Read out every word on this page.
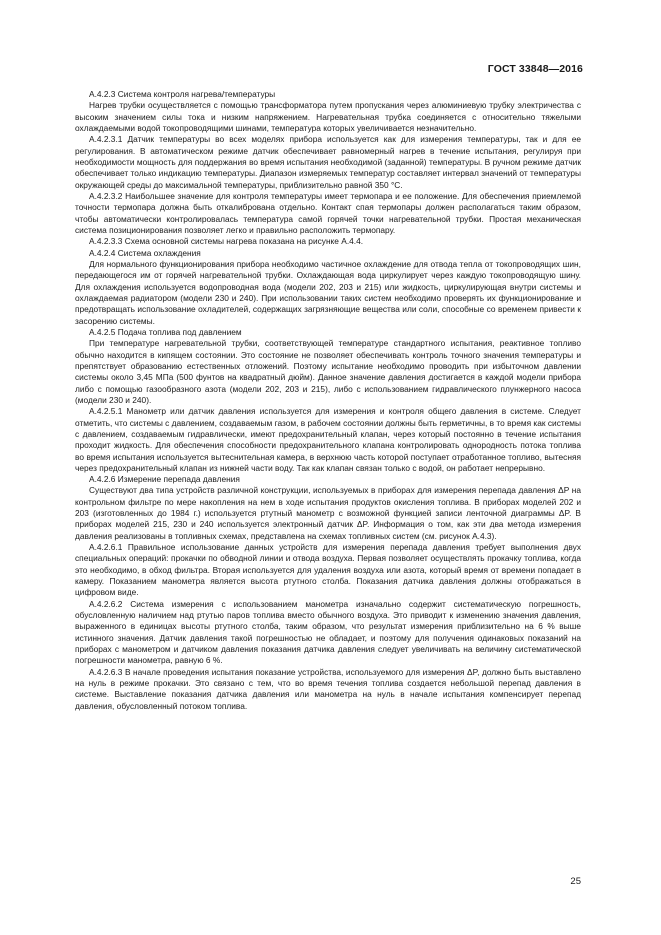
ГОСТ 33848—2016

А.4.2.3 Система контроля нагрева/температуры

Нагрев трубки осуществляется с помощью трансформатора путем пропускания через алюминиевую трубку электричества с высоким значением силы тока и низким напряжением. Нагревательная трубка соединяется с относительно тяжелыми охлаждаемыми водой токопроводящими шинами, температура которых увеличивается незначительно.

А.4.2.3.1 Датчик температуры во всех моделях прибора используется как для измерения температуры, так и для ее регулирования. В автоматическом режиме датчик обеспечивает равномерный нагрев в течение испытания, регулируя при необходимости мощность для поддержания во время испытания необходимой (заданной) температуры. В ручном режиме датчик обеспечивает только индикацию температуры. Диапазон измеряемых температур составляет интервал значений от температуры окружающей среды до максимальной температуры, приблизительно равной 350 °C.

А.4.2.3.2 Наибольшее значение для контроля температуры имеет термопара и ее положение. Для обеспечения приемлемой точности термопара должна быть откалибрована отдельно. Контакт спая термопары должен располагаться таким образом, чтобы автоматически контролировалась температура самой горячей точки нагревательной трубки. Простая механическая система позиционирования позволяет легко и правильно расположить термопару.

А.4.2.3.3 Схема основной системы нагрева показана на рисунке А.4.4.

А.4.2.4 Система охлаждения

Для нормального функционирования прибора необходимо частичное охлаждение для отвода тепла от токопроводящих шин, передающегося им от горячей нагревательной трубки. Охлаждающая вода циркулирует через каждую токопроводящую шину. Для охлаждения используется водопроводная вода (модели 202, 203 и 215) или жидкость, циркулирующая внутри системы и охлаждаемая радиатором (модели 230 и 240). При использовании таких систем необходимо проверять их функционирование и предотвращать использование охладителей, содержащих загрязняющие вещества или соли, способные со временем привести к засорению системы.

А.4.2.5 Подача топлива под давлением

При температуре нагревательной трубки, соответствующей температуре стандартного испытания, реактивное топливо обычно находится в кипящем состоянии. Это состояние не позволяет обеспечивать контроль точного значения температуры и препятствует образованию естественных отложений. Поэтому испытание необходимо проводить при избыточном давлении системы около 3,45 МПа (500 фунтов на квадратный дюйм). Данное значение давления достигается в каждой модели прибора либо с помощью газообразного азота (модели 202, 203 и 215), либо с использованием гидравлического плунжерного насоса (модели 230 и 240).

А.4.2.5.1 Манометр или датчик давления используется для измерения и контроля общего давления в системе. Следует отметить, что системы с давлением, создаваемым газом, в рабочем состоянии должны быть герметичны, в то время как системы с давлением, создаваемым гидравлически, имеют предохранительный клапан, через который постоянно в течение испытания проходит жидкость. Для обеспечения способности предохранительного клапана контролировать однородность потока топлива во время испытания используется вытеснительная камера, в верхнюю часть которой поступает отработанное топливо, вытесняя через предохранительный клапан из нижней части воду. Так как клапан связан только с водой, он работает непрерывно.

А.4.2.6 Измерение перепада давления

Существуют два типа устройств различной конструкции, используемых в приборах для измерения перепада давления ΔP на контрольном фильтре по мере накопления на нем в ходе испытания продуктов окисления топлива. В приборах моделей 202 и 203 (изготовленных до 1984 г.) используется ртутный манометр с возможной функцией записи ленточной диаграммы ΔP. В приборах моделей 215, 230 и 240 используется электронный датчик ΔP. Информация о том, как эти два метода измерения давления реализованы в топливных схемах, представлена на схемах топливных систем (см. рисунок А.4.3).

А.4.2.6.1 Правильное использование данных устройств для измерения перепада давления требует выполнения двух специальных операций: прокачки по обводной линии и отвода воздуха. Первая позволяет осуществлять прокачку топлива, когда это необходимо, в обход фильтра. Вторая используется для удаления воздуха или азота, который время от времени попадает в камеру. Показанием манометра является высота ртутного столба. Показания датчика давления должны отображаться в цифровом виде.

А.4.2.6.2 Система измерения с использованием манометра изначально содержит систематическую погрешность, обусловленную наличием над ртутью паров топлива вместо обычного воздуха. Это приводит к изменению значения давления, выраженного в единицах высоты ртутного столба, таким образом, что результат измерения приблизительно на 6 % выше истинного значения. Датчик давления такой погрешностью не обладает, и поэтому для получения одинаковых показаний на приборах с манометром и датчиком давления показания датчика давления следует увеличивать на величину систематической погрешности манометра, равную 6 %.

А.4.2.6.3 В начале проведения испытания показание устройства, используемого для измерения ΔP, должно быть выставлено на нуль в режиме прокачки. Это связано с тем, что во время течения топлива создается небольшой перепад давления в системе. Выставление показания датчика давления или манометра на нуль в начале испытания компенсирует перепад давления, обусловленный потоком топлива.

25
